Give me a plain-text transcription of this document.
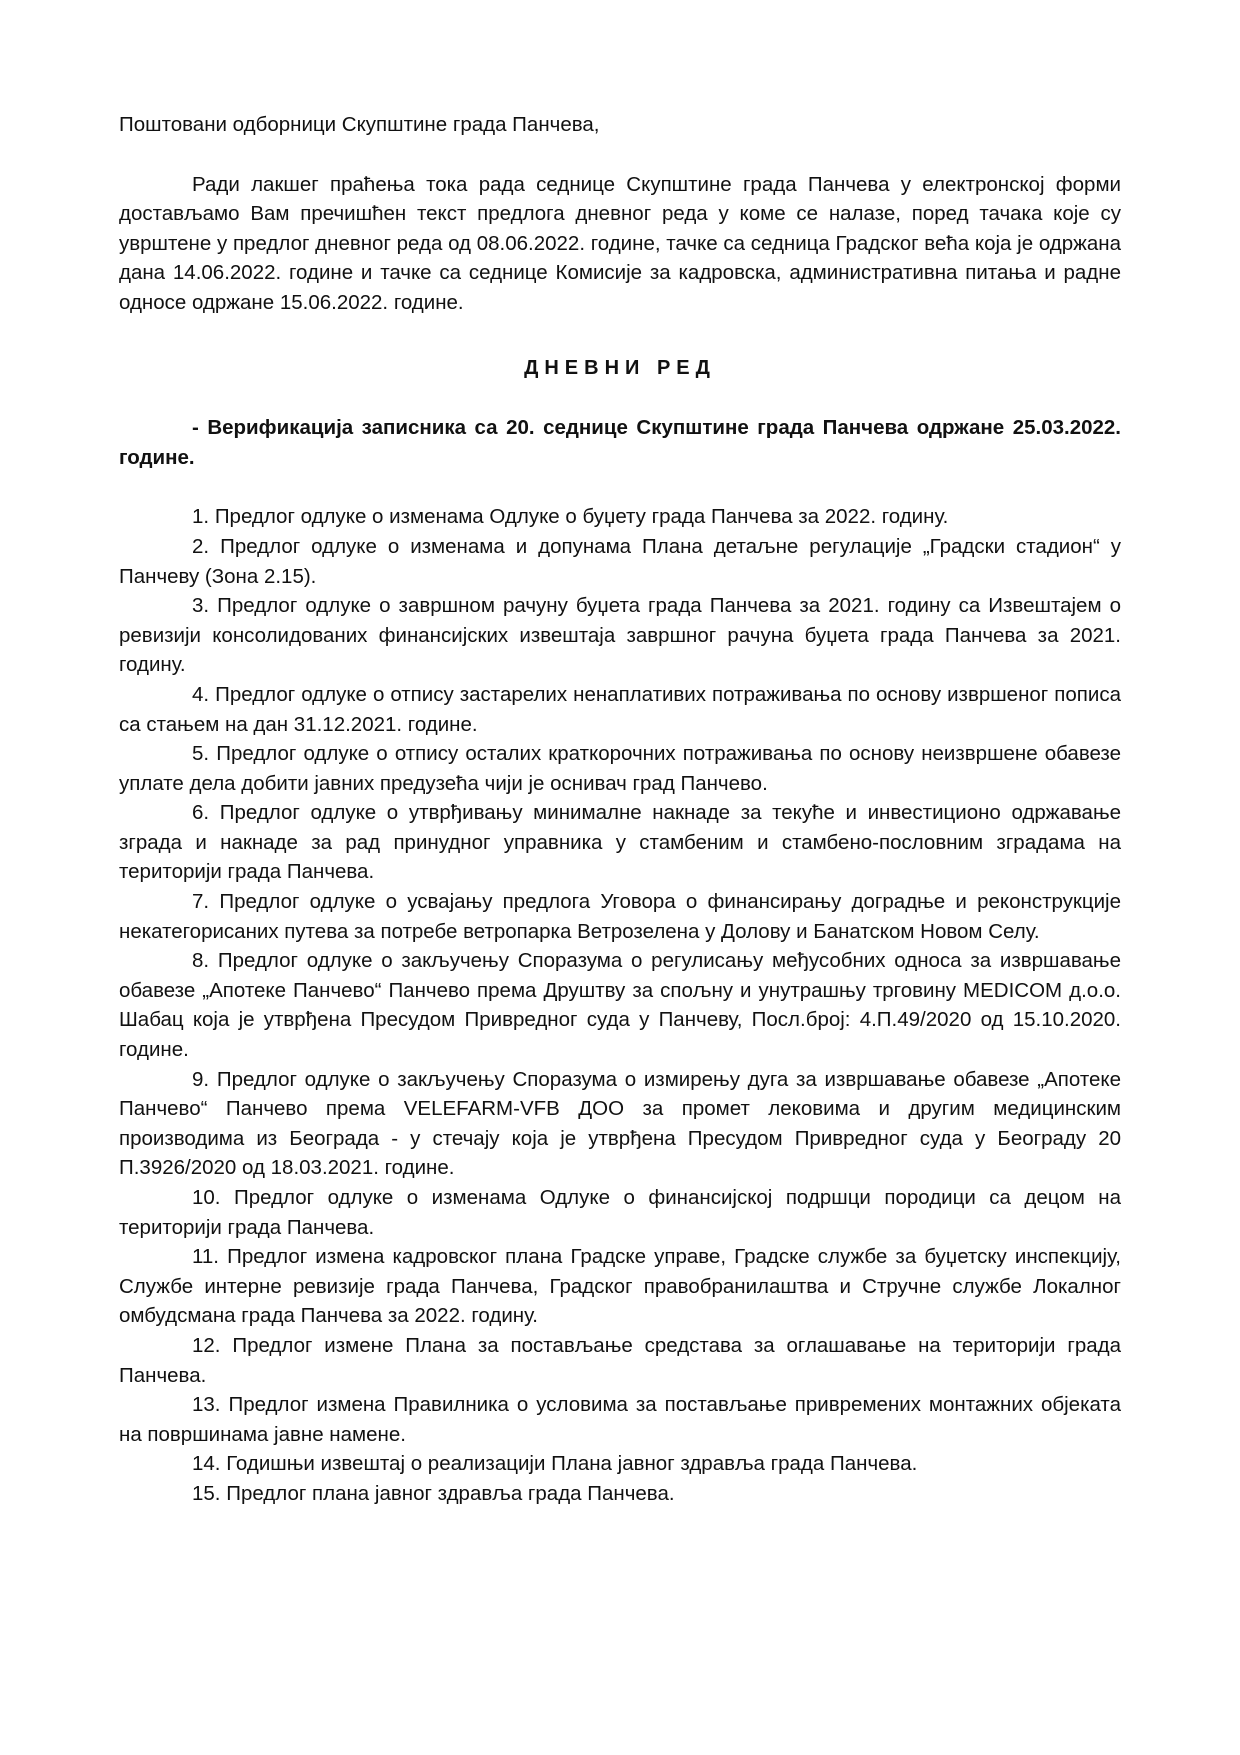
Поштовани одборници Скупштине града Панчева,

Ради лакшег праћења тока рада седнице Скупштине града Панчева у електронској форми достављамо Вам пречишћен текст предлога дневног реда у коме се налазе, поред тачака које су уврштене у предлог дневног реда од 08.06.2022. године, тачке са седница Градског већа која је одржана дана 14.06.2022. године и тачке са седнице Комисије за кадровска, административна питања и радне односе одржане 15.06.2022. године.

ДНЕВНИ РЕД

- Верификација записника са 20. седнице Скупштине града Панчева одржане 25.03.2022. године.

1. Предлог одлуке о изменама Одлуке о буџету града Панчева за 2022. годину.
2. Предлог одлуке о изменама и допунама Плана детаљне регулације „Градски стадион“ у Панчеву (Зона 2.15).
3. Предлог одлуке о завршном рачуну буџета града Панчева за 2021. годину са Извештајем о ревизији консолидованих финансијских извештаја завршног рачуна буџета града Панчева за 2021. годину.
4. Предлог одлуке о отпису застарелих ненаплативих потраживања по основу извршеног пописа са стањем на дан 31.12.2021. године.
5. Предлог одлуке о отпису осталих краткорочних потраживања по основу неизвршене обавезе уплате дела добити јавних предузећа чији је оснивач град Панчево.
6. Предлог одлуке о утврђивању минималне накнаде за текуће и инвестиционо одржавање зграда и накнаде за рад принудног управника у стамбеним и стамбено-пословним зградама на територији града Панчева.
7. Предлог одлуке о усвајању предлога Уговора о финансирању доградње и реконструкције некатегорисаних путева за потребе ветропарка Ветрозелена у Долову и Банатском Новом Селу.
8. Предлог одлуке о закључењу Споразума о регулисању међусобних односа за извршавање обавезе „Апотеке Панчево“ Панчево према Друштву за спољну и унутрашњу трговину MEDICOM д.о.о. Шабац која је утврђена Пресудом Привредног суда у Панчеву, Посл.број: 4.П.49/2020 од 15.10.2020. године.
9. Предлог одлуке о закључењу Споразума о измирењу дуга за извршавање обавезе „Апотеке Панчево“ Панчево према VELEFARM-VFB ДОО за промет лековима и другим медицинским производима из Београда - у стечају која је утврђена Пресудом Привредног суда у Београду 20 П.3926/2020 од 18.03.2021. године.
10. Предлог одлуке о изменама Одлуке о финансијској подршци породици са децом на територији града Панчева.
11. Предлог измена кадровског плана Градске управе, Градске службе за буџетску инспекцију, Службе интерне ревизије града Панчева, Градског правобранилаштва и Стручне службе Локалног омбудсмана града Панчева за 2022. годину.
12. Предлог измене Плана за постављање средстава за оглашавање на територији града Панчева.
13. Предлог измена Правилника о условима за постављање привремених монтажних објеката на површинама јавне намене.
14. Годишњи извештај о реализацији Плана јавног здравља града Панчева.
15. Предлог плана јавног здравља града Панчева.
